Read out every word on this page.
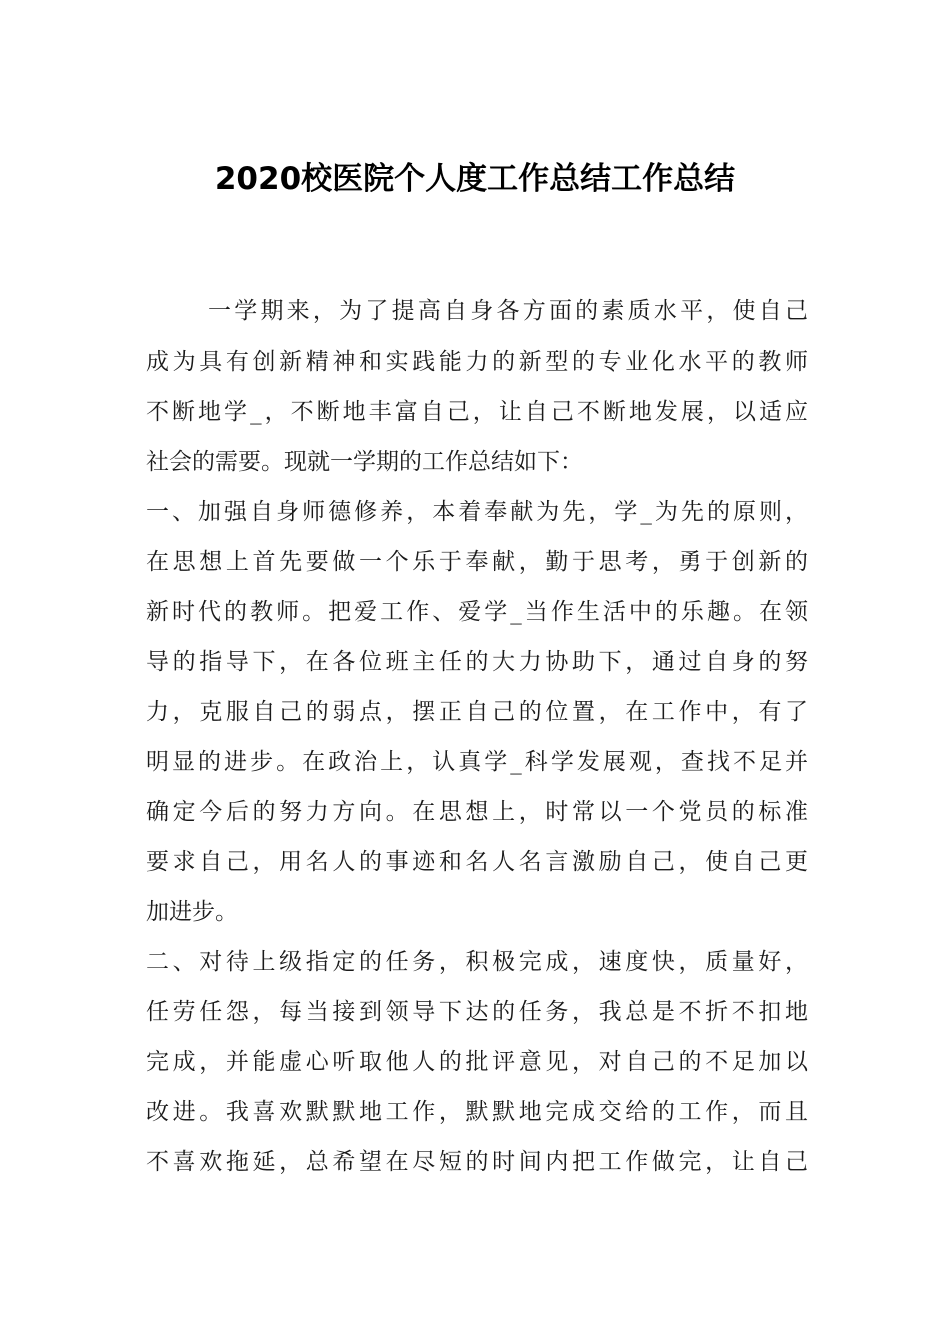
2020校医院个人度工作总结工作总结
一学期来，为了提高自身各方面的素质水平，使自己
成为具有创新精神和实践能力的新型的专业化水平的教师
不断地学_，不断地丰富自己，让自己不断地发展，以适应
社会的需要。现就一学期的工作总结如下：
一、加强自身师德修养，本着奉献为先，学_为先的原则，
在思想上首先要做一个乐于奉献，勤于思考，勇于创新的
新时代的教师。把爱工作、爱学_当作生活中的乐趣。在领
导的指导下，在各位班主任的大力协助下，通过自身的努
力，克服自己的弱点，摆正自己的位置，在工作中，有了
明显的进步。在政治上，认真学_科学发展观，查找不足并
确定今后的努力方向。在思想上，时常以一个党员的标准
要求自己，用名人的事迹和名人名言激励自己，使自己更
加进步。
二、对待上级指定的任务，积极完成，速度快，质量好，
任劳任怨，每当接到领导下达的任务，我总是不折不扣地
完成，并能虚心听取他人的批评意见，对自己的不足加以
改进。我喜欢默默地工作，默默地完成交给的工作，而且
不喜欢拖延，总希望在尽短的时间内把工作做完，让自己
